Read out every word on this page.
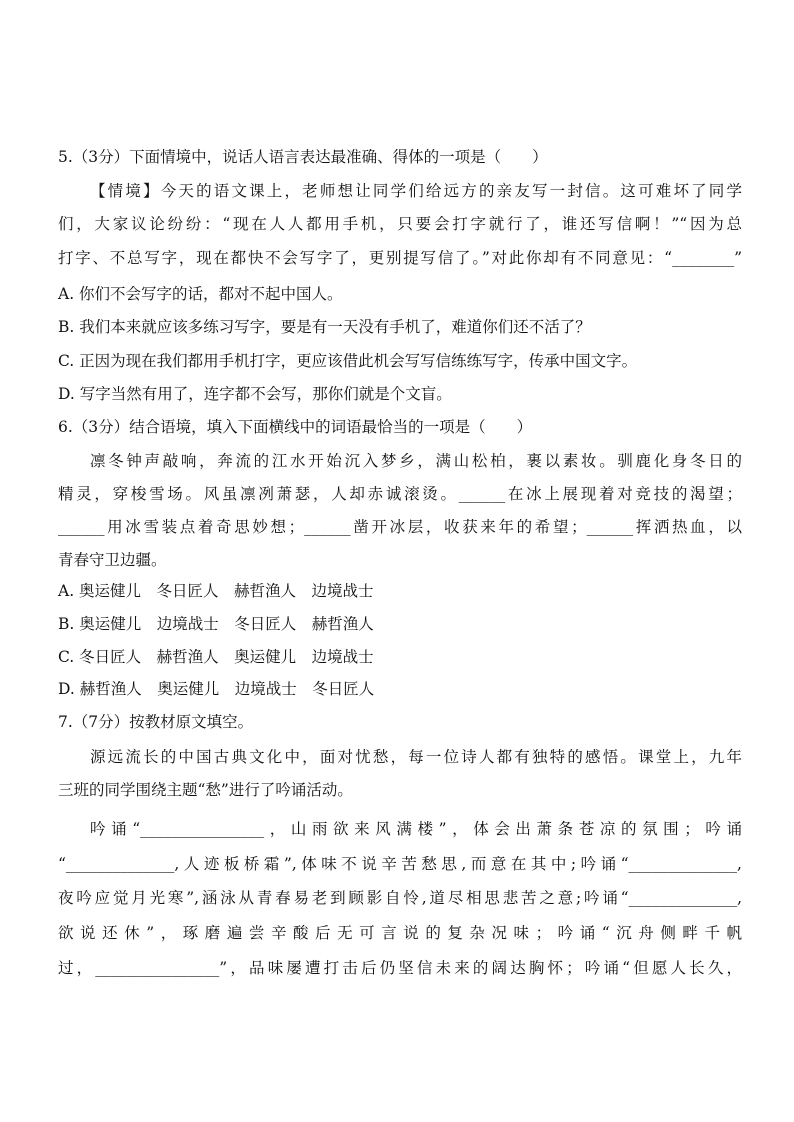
5.（3分）下面情境中，说话人语言表达最准确、得体的一项是（　　）
【情境】今天的语文课上，老师想让同学们给远方的亲友写一封信。这可难坏了同学
们，大家议论纷纷：“现在人人都用手机，只要会打字就行了，谁还写信啊！”“因为总
打字、不总写字，现在都快不会写字了，更别提写信了。”对此你却有不同意见：“________”
A. 你们不会写字的话，都对不起中国人。
B. 我们本来就应该多练习写字，要是有一天没有手机了，难道你们还不活了？
C. 正因为现在我们都用手机打字，更应该借此机会写写信练练写字，传承中国文字。
D. 写字当然有用了，连字都不会写，那你们就是个文盲。
6.（3分）结合语境，填入下面横线中的词语最恰当的一项是（　　）
凛冬钟声敲响，奔流的江水开始沉入梦乡，满山松柏，裹以素妆。驯鹿化身冬日的
精灵，穿梭雪场。风虽凛冽萧瑟，人却赤诚滚烫。______在冰上展现着对竞技的渴望；
______用冰雪装点着奇思妙想；______凿开冰层，收获来年的希望；______挥洒热血，以
青春守卫边疆。
A. 奥运健儿　冬日匠人　赫哲渔人　边境战士
B. 奥运健儿　边境战士　冬日匠人　赫哲渔人
C. 冬日匠人　赫哲渔人　奥运健儿　边境战士
D. 赫哲渔人　奥运健儿　边境战士　冬日匠人
7.（7分）按教材原文填空。
源远流长的中国古典文化中，面对忧愁，每一位诗人都有独特的感悟。课堂上，九年
三班的同学围绕主题“愁”进行了吟诵活动。
吟诵“________________，山雨欲来风满楼”，体会出萧条苍凉的氛围；吟诵
“______________,人迹板桥霜”,体味不说辛苦愁思,而意在其中;吟诵“______________,
夜吟应觉月光寒”,涵泳从青春易老到顾影自怜,道尽相思悲苦之意;吟诵“______________,
欲说还休”，琢磨遍尝辛酸后无可言说的复杂况味；吟诵“沉舟侧畔千帆
过，________________”，品味屡遭打击后仍坚信未来的阔达胸怀；吟诵“但愿人长久，
